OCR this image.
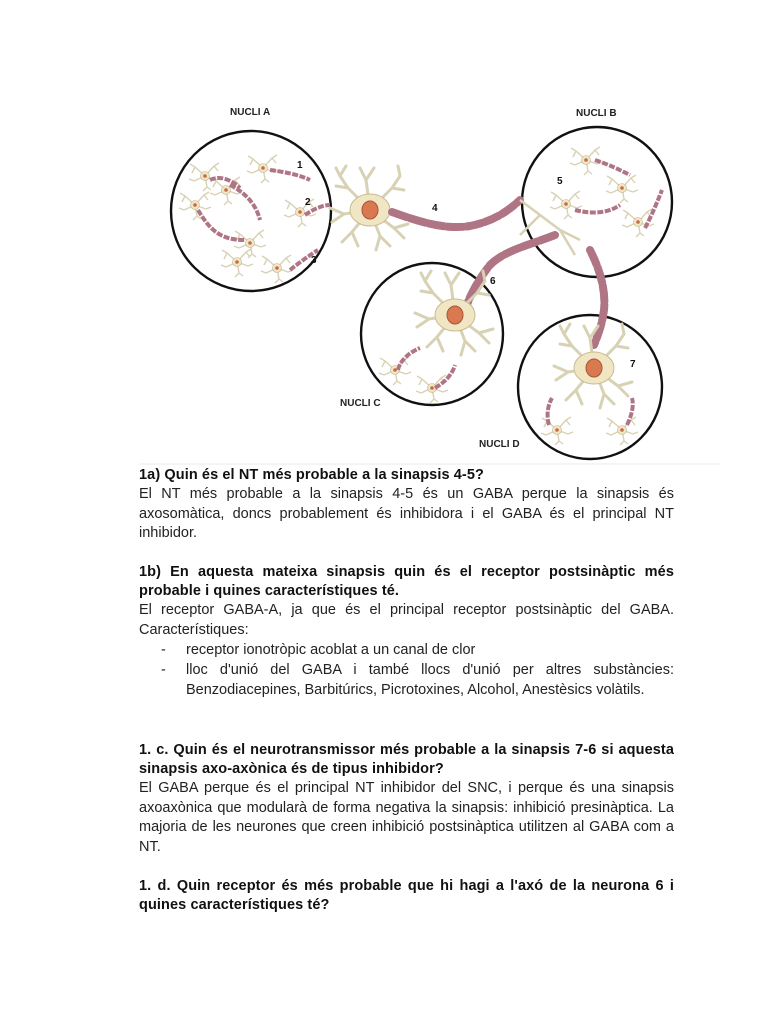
NUCLI A	NUCLI B
NUCLI C
NUCLI D
1
2
3
4
5
6
7

1a) Quin és el NT més probable a la sinapsis 4-5?

El NT més probable a la sinapsis 4-5 és un GABA perque la sinapsis és axosomàtica, doncs probablement és inhibidora i el GABA és el principal NT inhibidor.

1b) En aquesta mateixa sinapsis quin és el receptor postsinàptic més probable i quines característiques té.

El receptor GABA-A, ja que és el principal receptor postsinàptic del GABA. Característiques:

- receptor ionotròpic acoblat a un canal de clor
- lloc d'unió del GABA i també llocs d'unió per altres substàncies: Benzodiacepines, Barbitúrics, Picrotoxines, Alcohol, Anestèsics volàtils.

1. c. Quin és el neurotransmissor més probable a la sinapsis 7-6 si aquesta sinapsis axo-axònica és de tipus inhibidor?

El GABA perque és el principal NT inhibidor del SNC, i perque és una sinapsis axoaxònica que modularà de forma negativa la sinapsis: inhibició presinàptica. La majoria de les neurones que creen inhibició postsinàptica utilitzen al GABA com a NT.

1. d. Quin receptor és més probable que hi hagi a l'axó de la neurona 6 i quines característiques té?
